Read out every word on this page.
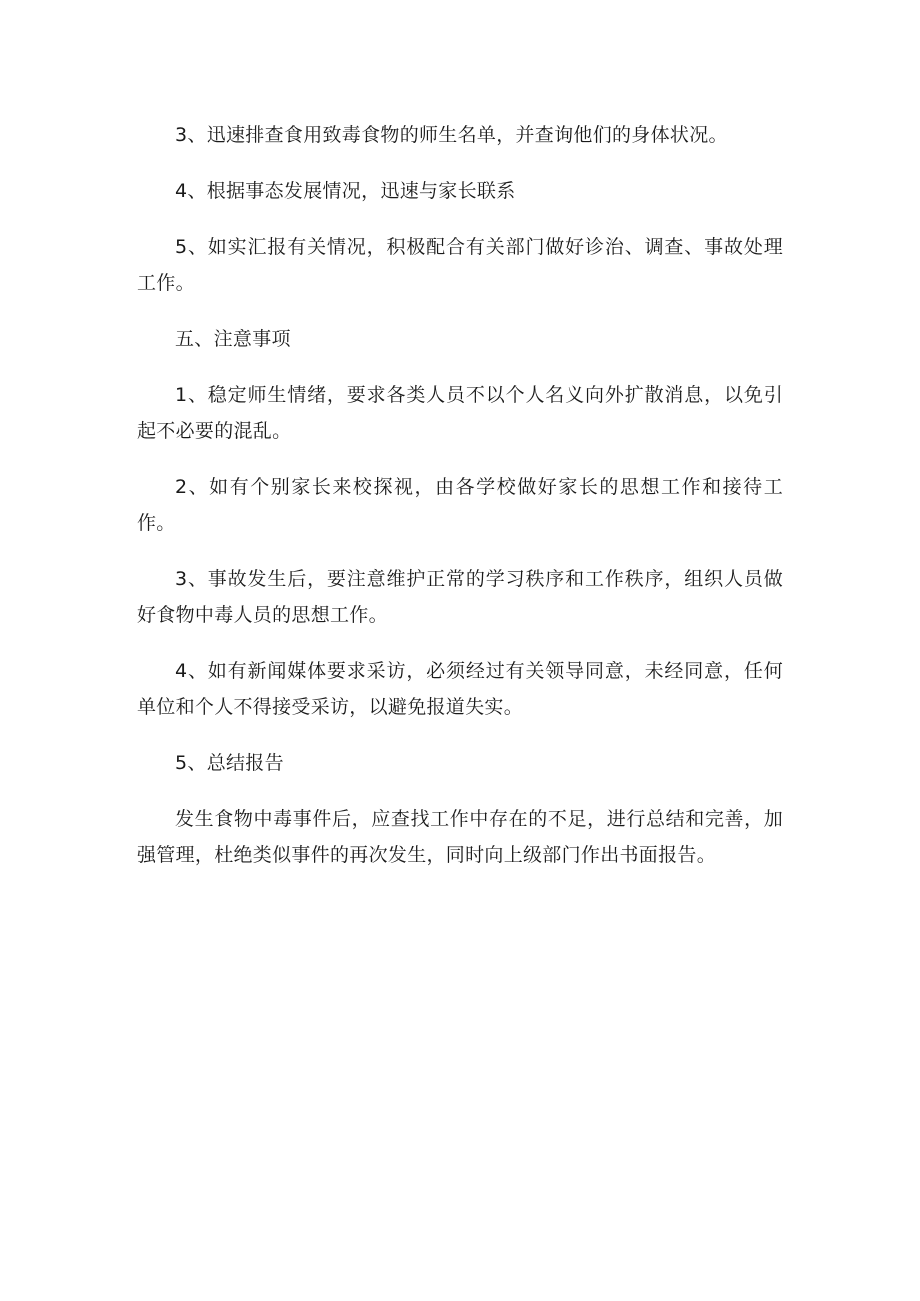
3、迅速排查食用致毒食物的师生名单，并查询他们的身体状况。

4、根据事态发展情况，迅速与家长联系

5、如实汇报有关情况，积极配合有关部门做好诊治、调查、事故处理工作。

五、注意事项

1、稳定师生情绪，要求各类人员不以个人名义向外扩散消息，以免引起不必要的混乱。

2、如有个别家长来校探视，由各学校做好家长的思想工作和接待工作。

3、事故发生后，要注意维护正常的学习秩序和工作秩序，组织人员做好食物中毒人员的思想工作。

4、如有新闻媒体要求采访，必须经过有关领导同意，未经同意，任何单位和个人不得接受采访，以避免报道失实。

5、总结报告

发生食物中毒事件后，应查找工作中存在的不足，进行总结和完善，加强管理，杜绝类似事件的再次发生，同时向上级部门作出书面报告。
